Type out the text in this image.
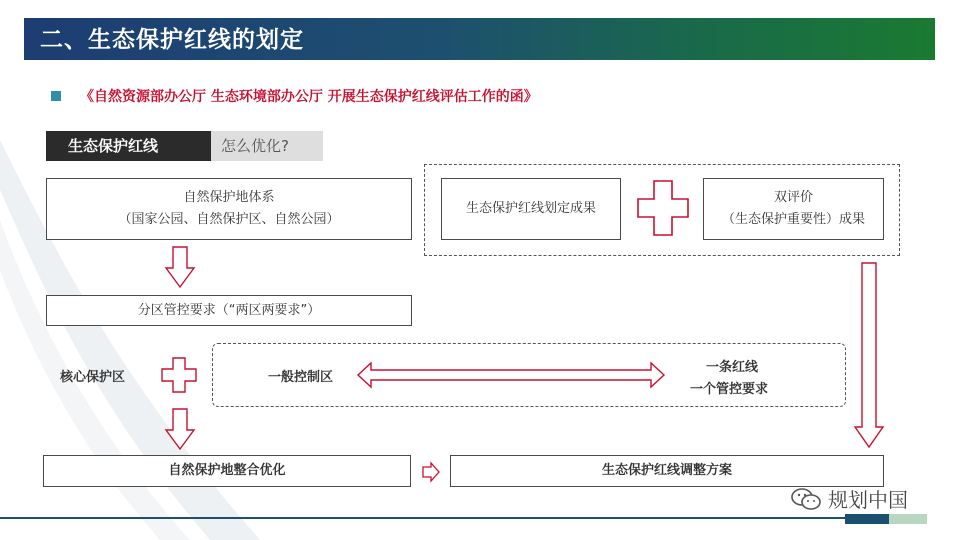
二、生态保护红线的划定
《自然资源部办公厅 生态环境部办公厅 开展生态保护红线评估工作的函》
生态保护红线	怎么优化?
自然保护地体系
（国家公园、自然保护区、自然公园）
生态保护红线划定成果
双评价
（生态保护重要性）成果
分区管控要求（“两区两要求”）
核心保护区	一般控制区
一条红线
一个管控要求
自然保护地整合优化	生态保护红线调整方案
规划中国
